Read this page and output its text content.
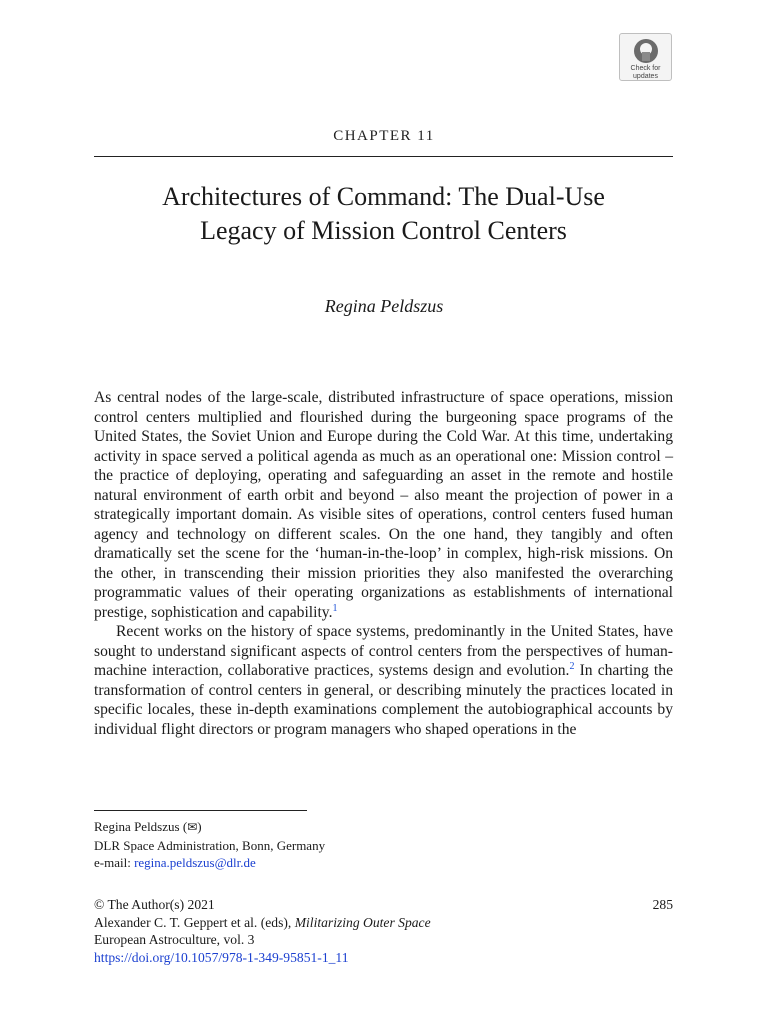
Check for
updates
CHAPTER 11
Architectures of Command: The Dual-Use
Legacy of Mission Control Centers
Regina Peldszus

As central nodes of the large-scale, distributed infrastructure of space operations, mission control centers multiplied and flourished during the burgeoning space programs of the United States, the Soviet Union and Europe during the Cold War. At this time, undertaking activity in space served a political agenda as much as an operational one: Mission control – the practice of deploying, operating and safeguarding an asset in the remote and hostile natural environment of earth orbit and beyond – also meant the projection of power in a strategically important domain. As visible sites of operations, control centers fused human agency and technology on different scales. On the one hand, they tangibly and often dramatically set the scene for the ‘human-in-the-loop’ in complex, high-risk missions. On the other, in transcending their mission priorities they also manifested the overarching programmatic values of their operating organizations as establishments of international prestige, sophistication and capability.$^1$

Recent works on the history of space systems, predominantly in the United States, have sought to understand significant aspects of control centers from the perspectives of human-machine interaction, collaborative practices, systems design and evolution.$^2$ In charting the transformation of control centers in general, or describing minutely the practices located in specific locales, these in-depth examinations complement the autobiographical accounts by individual flight directors or program managers who shaped operations in the

Regina Peldszus (✉)
DLR Space Administration, Bonn, Germany
e-mail: regina.peldszus@dlr.de
© The Author(s) 2021	285
Alexander C. T. Geppert et al. (eds), Militarizing Outer Space
European Astroculture, vol. 3
https://doi.org/10.1057/978-1-349-95851-1_11
